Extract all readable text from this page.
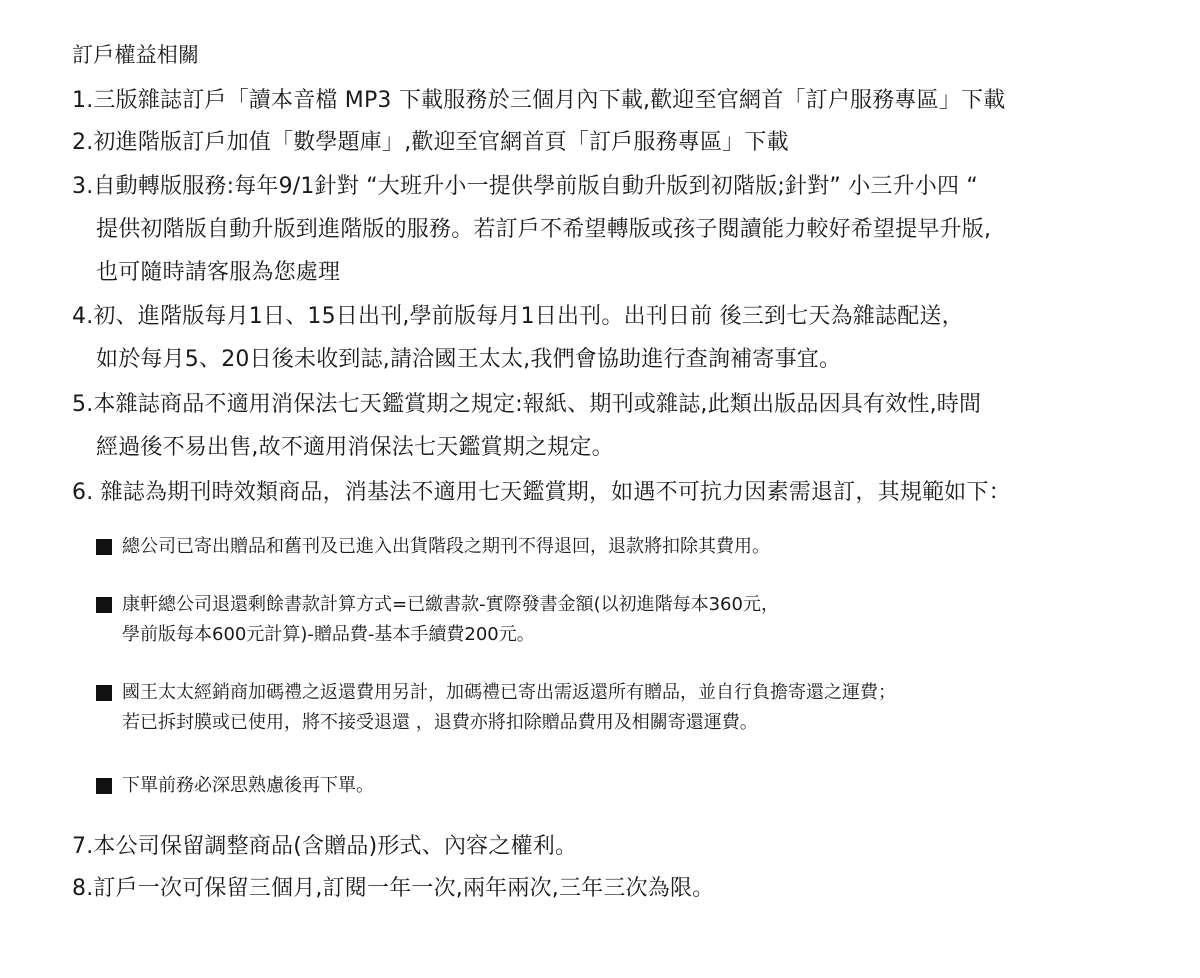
訂戶權益相關
1.三版雜誌訂戶「讀本音檔 MP3 下載服務於三個月內下載,歡迎至官網首「訂户服務專區」下載
2.初進階版訂戶加值「數學題庫」,歡迎至官網首頁「訂戶服務專區」下載
3.自動轉版服務:每年9/1針對 “大班升小一提供學前版自動升版到初階版;針對” 小三升小四 “
提供初階版自動升版到進階版的服務。若訂戶不希望轉版或孩子閱讀能力較好希望提早升版,
也可隨時請客服為您處理
4.初、進階版每月1日、15日出刊,學前版每月1日出刊。出刊日前 後三到七天為雜誌配送，
如於每月5、20日後未收到誌,請洽國王太太,我們會協助進行查詢補寄事宜。
5.本雜誌商品不適用消保法七天鑑賞期之規定:報紙、期刊或雜誌,此類出版品因具有效性,時間
經過後不易出售,故不適用消保法七天鑑賞期之規定。
6. 雜誌為期刊時效類商品，消基法不適用七天鑑賞期，如遇不可抗力因素需退訂，其規範如下：
總公司已寄出贈品和舊刊及已進入出貨階段之期刊不得退回，退款將扣除其費用。
康軒總公司退還剩餘書款計算方式=已繳書款-實際發書金額(以初進階每本360元，
學前版每本600元計算)-贈品費-基本手續費200元。
國王太太經銷商加碼禮之返還費用另計，加碼禮已寄出需返還所有贈品，並自行負擔寄還之運費；
若已拆封膜或已使用，將不接受退還 ，退費亦將扣除贈品費用及相關寄還運費。
下單前務必深思熟慮後再下單。
7.本公司保留調整商品(含贈品)形式、內容之權利。
8.訂戶一次可保留三個月,訂閱一年一次,兩年兩次,三年三次為限。
